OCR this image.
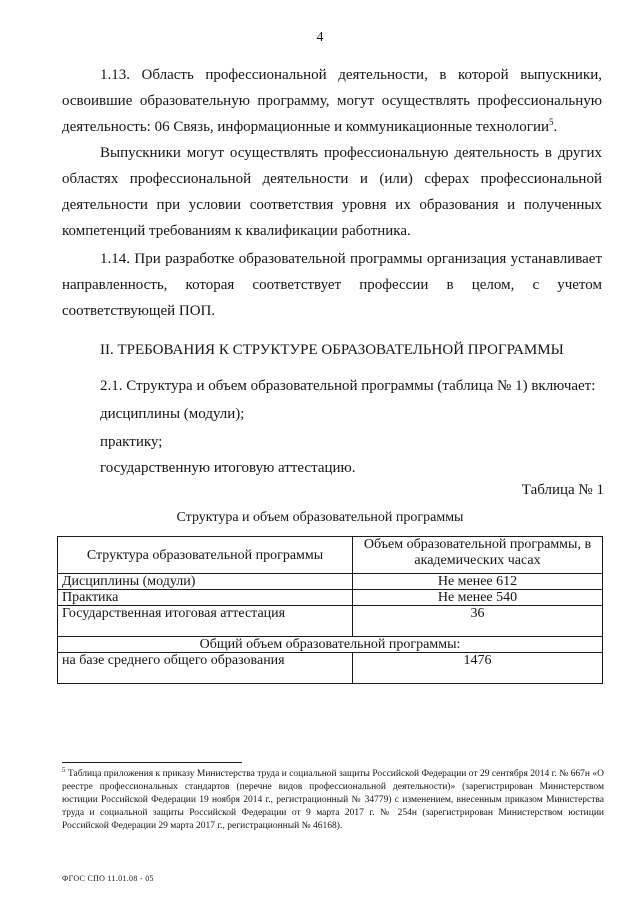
4

1.13. Область профессиональной деятельности, в которой выпускники, освоившие образовательную программу, могут осуществлять профессиональную деятельность: 06 Связь, информационные и коммуникационные технологии$^5$.

Выпускники могут осуществлять профессиональную деятельность в других областях профессиональной деятельности и (или) сферах профессиональной деятельности при условии соответствия уровня их образования и полученных компетенций требованиям к квалификации работника.

1.14. При разработке образовательной программы организация устанавливает направленность, которая соответствует профессии в целом, с учетом соответствующей ПОП.

II. ТРЕБОВАНИЯ К СТРУКТУРЕ ОБРАЗОВАТЕЛЬНОЙ ПРОГРАММЫ

2.1. Структура и объем образовательной программы (таблица № 1) включает:

дисциплины (модули);

практику;

государственную итоговую аттестацию.

Таблица № 1

Структура и объем образовательной программы

Структура образовательной программы	Объем образовательной программы, в академических часах
Дисциплины (модули)	Не менее 612
Практика	Не менее 540
Государственная итоговая аттестация	36
Общий объем образовательной программы:	
на базе среднего общего образования	1476

$^5$ Таблица приложения к приказу Министерства труда и социальной защиты Российской Федерации от 29 сентября 2014 г. № 667н «О реестре профессиональных стандартов (перечне видов профессиональной деятельности)» (зарегистрирован Министерством юстиции Российской Федерации 19 ноября 2014 г., регистрационный № 34779) с изменением, внесенным приказом Министерства труда и социальной защиты Российской Федерации от 9 марта 2017 г. № 254н (зарегистрирован Министерством юстиции Российской Федерации 29 марта 2017 г., регистрационный № 46168).

ФГОС СПО 11.01.08 - 05
